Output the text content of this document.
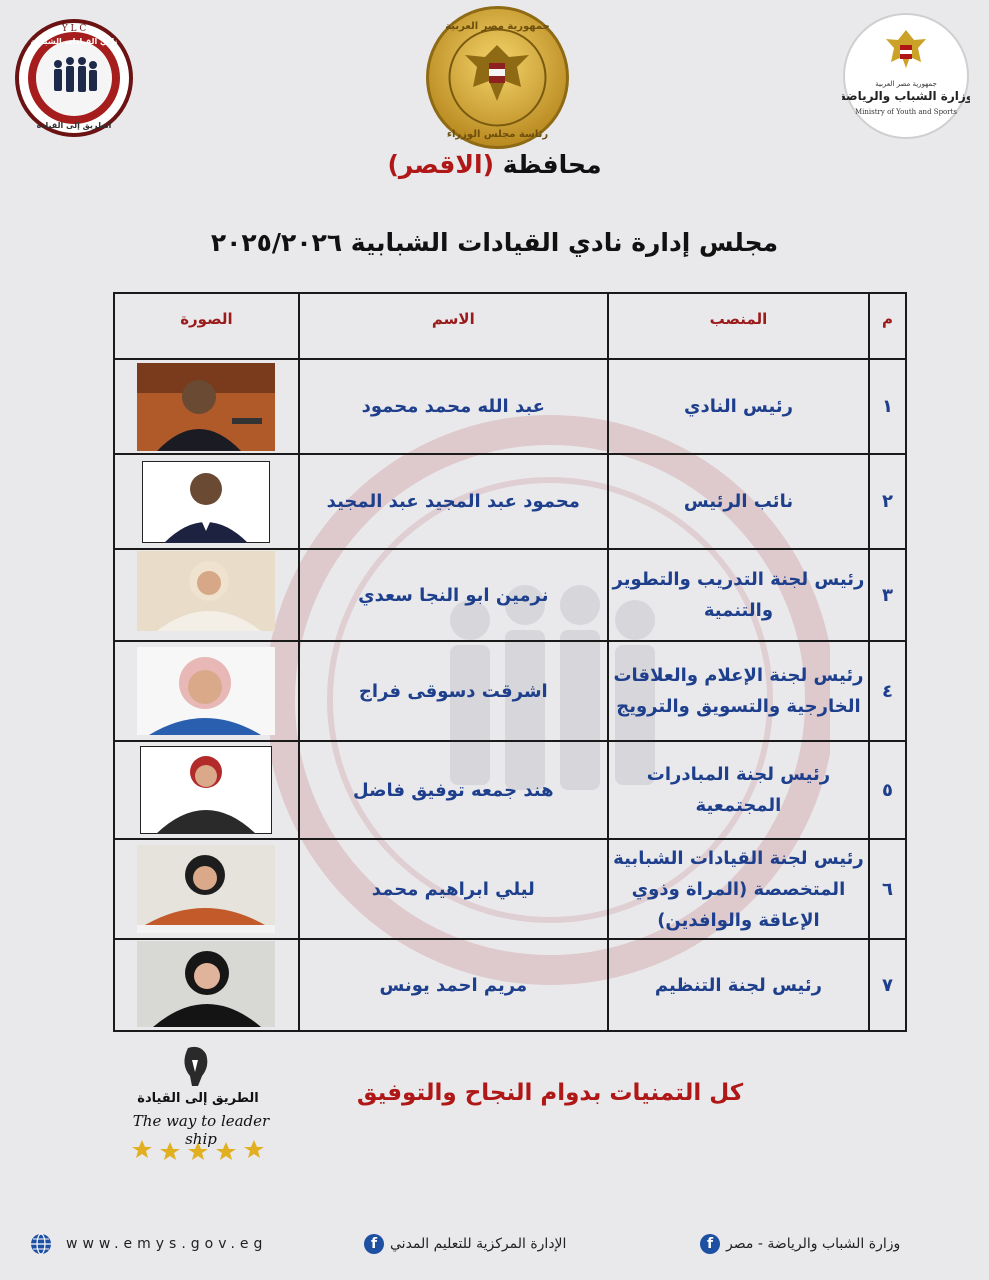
Y L C
نادي القيادات الشبابية
الطريق إلى القيادة
جمهورية مصر العربية
رئاسة مجلس الوزراء
جمهورية مصر العربية
وزارة الشباب والرياضة
Ministry of Youth and Sports
محافظة (الاقصر)
مجلس إدارة نادي القيادات الشبابية ٢٠٢٥/٢٠٢٦
م	المنصب	الاسم	الصورة
١	رئيس النادي	عبد الله محمد محمود	

٢	نائب الرئيس	محمود عبد المجيد عبد المجيد	

٣	رئيس لجنة التدريب والتطوير والتنمية	نرمين ابو النجا سعدي	

٤	رئيس لجنة الإعلام والعلاقات الخارجية والتسويق والترويج	اشرقت دسوقى فراج	

٥	رئيس لجنة المبادرات المجتمعية	هند جمعه توفيق فاضل	

٦	رئيس لجنة القيادات الشبابية المتخصصة (المراة وذوي الإعاقة والوافدين)	ليلي ابراهيم محمد	

٧	رئيس لجنة التنظيم	مريم احمد يونس	
الطريق إلى القيادة
The way to leader ship
كل التمنيات بدوام النجاح والتوفيق
www.emys.gov.eg	الإدارة المركزية للتعليم المدني
f	وزارة الشباب والرياضة - مصر
f
